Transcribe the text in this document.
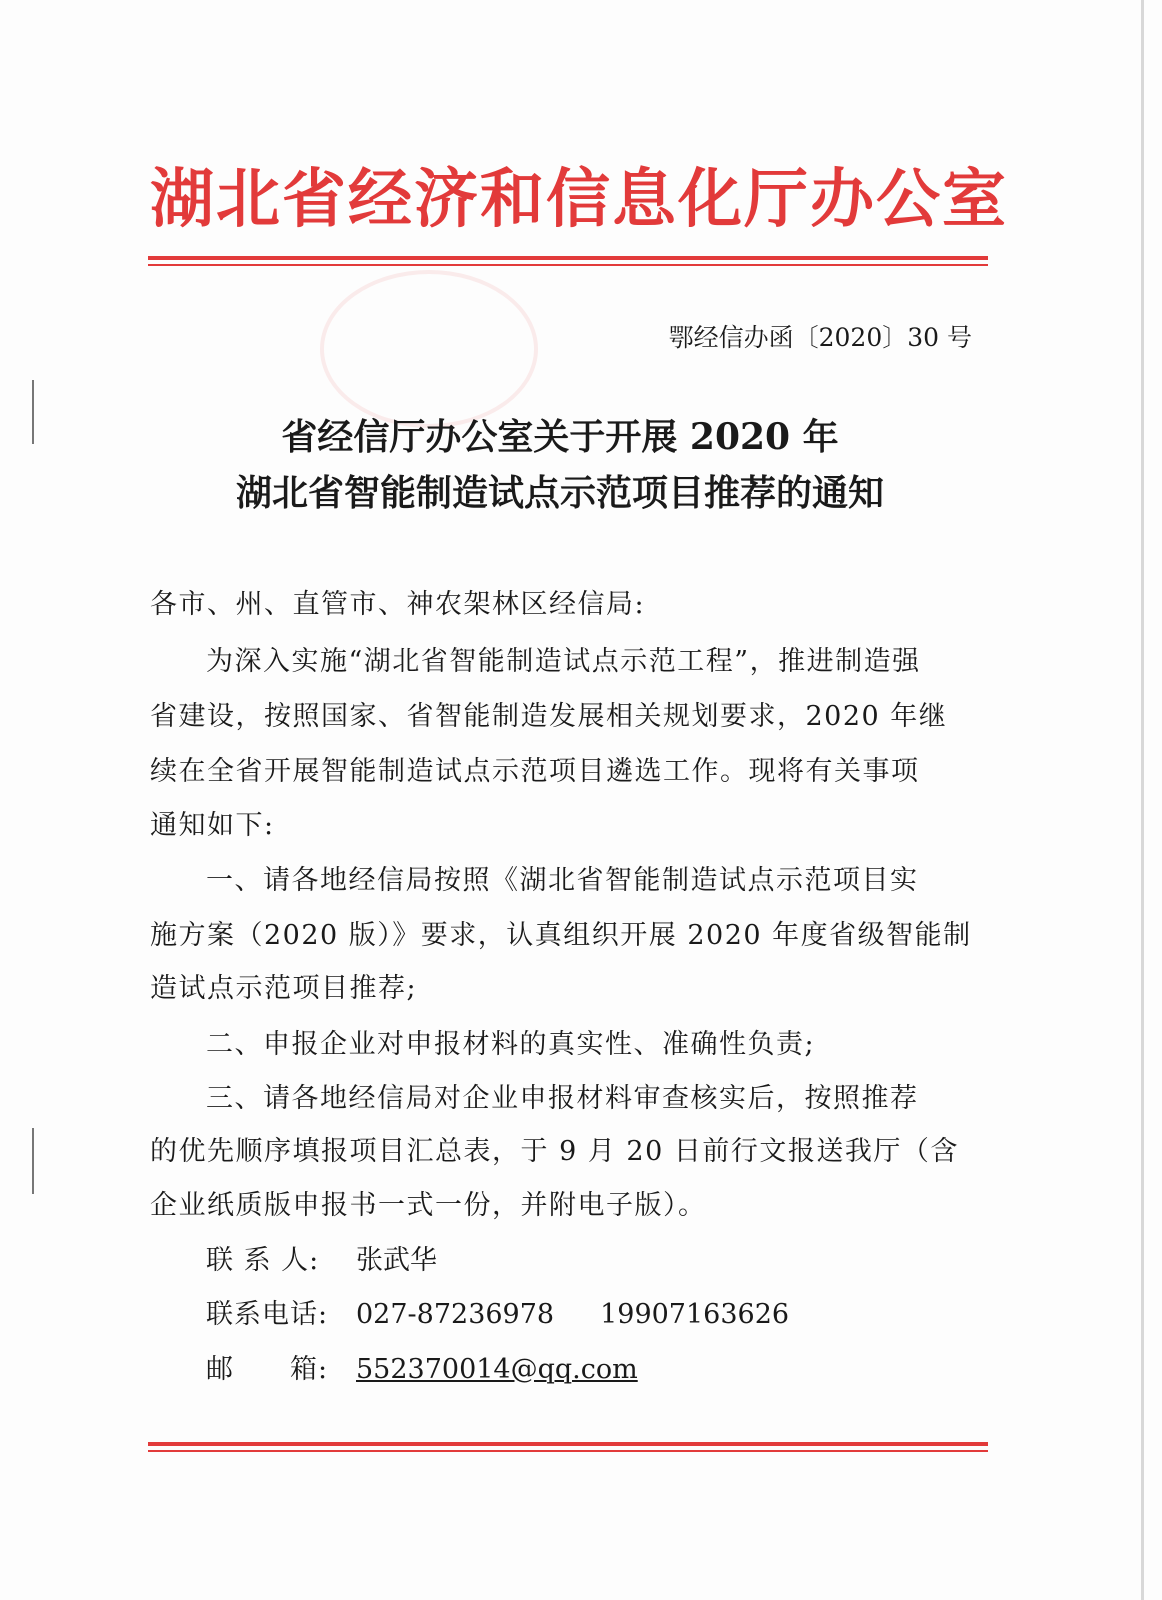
湖北省经济和信息化厅办公室
鄂经信办函〔2020〕30 号
省经信厅办公室关于开展 2020 年
湖北省智能制造试点示范项目推荐的通知
各市、州、直管市、神农架林区经信局:
为深入实施“湖北省智能制造试点示范工程”，推进制造强
省建设，按照国家、省智能制造发展相关规划要求，2020 年继
续在全省开展智能制造试点示范项目遴选工作。现将有关事项
通知如下:
一、请各地经信局按照《湖北省智能制造试点示范项目实
施方案（2020 版）》要求，认真组织开展 2020 年度省级智能制
造试点示范项目推荐;
二、申报企业对申报材料的真实性、准确性负责;
三、请各地经信局对企业申报材料审查核实后，按照推荐
的优先顺序填报项目汇总表，于 9 月 20 日前行文报送我厅（含
企业纸质版申报书一式一份，并附电子版）。
联 系 人: 张武华
联系电话: 027-87236978 19907163626
邮　　箱: 552370014@qq.com
